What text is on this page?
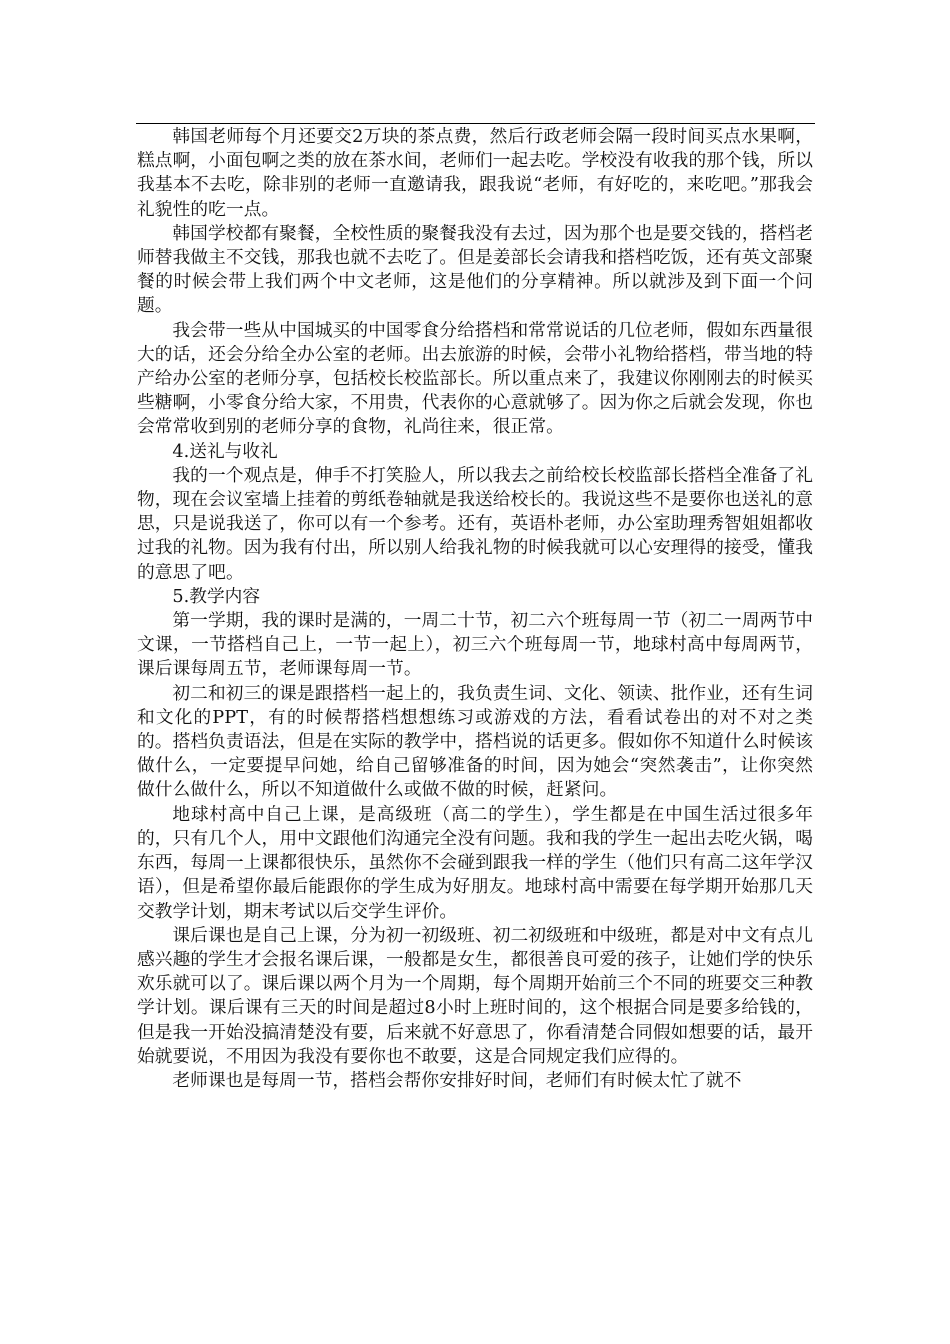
韩国老师每个月还要交2万块的茶点费，然后行政老师会隔一段时间买点水果啊，糕点啊，小面包啊之类的放在茶水间，老师们一起去吃。学校没有收我的那个钱，所以我基本不去吃，除非别的老师一直邀请我，跟我说“老师，有好吃的，来吃吧。”那我会礼貌性的吃一点。

韩国学校都有聚餐，全校性质的聚餐我没有去过，因为那个也是要交钱的，搭档老师替我做主不交钱，那我也就不去吃了。但是姜部长会请我和搭档吃饭，还有英文部聚餐的时候会带上我们两个中文老师，这是他们的分享精神。所以就涉及到下面一个问题。

我会带一些从中国城买的中国零食分给搭档和常常说话的几位老师，假如东西量很大的话，还会分给全办公室的老师。出去旅游的时候，会带小礼物给搭档，带当地的特产给办公室的老师分享，包括校长校监部长。所以重点来了，我建议你刚刚去的时候买些糖啊，小零食分给大家，不用贵，代表你的心意就够了。因为你之后就会发现，你也会常常收到别的老师分享的食物，礼尚往来，很正常。

4.送礼与收礼

我的一个观点是，伸手不打笑脸人，所以我去之前给校长校监部长搭档全准备了礼物，现在会议室墙上挂着的剪纸卷轴就是我送给校长的。我说这些不是要你也送礼的意思，只是说我送了，你可以有一个参考。还有，英语朴老师，办公室助理秀智姐姐都收过我的礼物。因为我有付出，所以别人给我礼物的时候我就可以心安理得的接受，懂我的意思了吧。

5.教学内容

第一学期，我的课时是满的，一周二十节，初二六个班每周一节（初二一周两节中文课，一节搭档自己上，一节一起上），初三六个班每周一节，地球村高中每周两节，课后课每周五节，老师课每周一节。

初二和初三的课是跟搭档一起上的，我负责生词、文化、领读、批作业，还有生词和文化的PPT，有的时候帮搭档想想练习或游戏的方法，看看试卷出的对不对之类的。搭档负责语法，但是在实际的教学中，搭档说的话更多。假如你不知道什么时候该做什么，一定要提早问她，给自己留够准备的时间，因为她会“突然袭击”，让你突然做什么做什么，所以不知道做什么或做不做的时候，赶紧问。

地球村高中自己上课，是高级班（高二的学生），学生都是在中国生活过很多年的，只有几个人，用中文跟他们沟通完全没有问题。我和我的学生一起出去吃火锅，喝东西，每周一上课都很快乐，虽然你不会碰到跟我一样的学生（他们只有高二这年学汉语），但是希望你最后能跟你的学生成为好朋友。地球村高中需要在每学期开始那几天交教学计划，期末考试以后交学生评价。

课后课也是自己上课，分为初一初级班、初二初级班和中级班，都是对中文有点儿感兴趣的学生才会报名课后课，一般都是女生，都很善良可爱的孩子，让她们学的快乐欢乐就可以了。课后课以两个月为一个周期，每个周期开始前三个不同的班要交三种教学计划。课后课有三天的时间是超过8小时上班时间的，这个根据合同是要多给钱的，但是我一开始没搞清楚没有要，后来就不好意思了，你看清楚合同假如想要的话，最开始就要说，不用因为我没有要你也不敢要，这是合同规定我们应得的。

老师课也是每周一节，搭档会帮你安排好时间，老师们有时候太忙了就不
